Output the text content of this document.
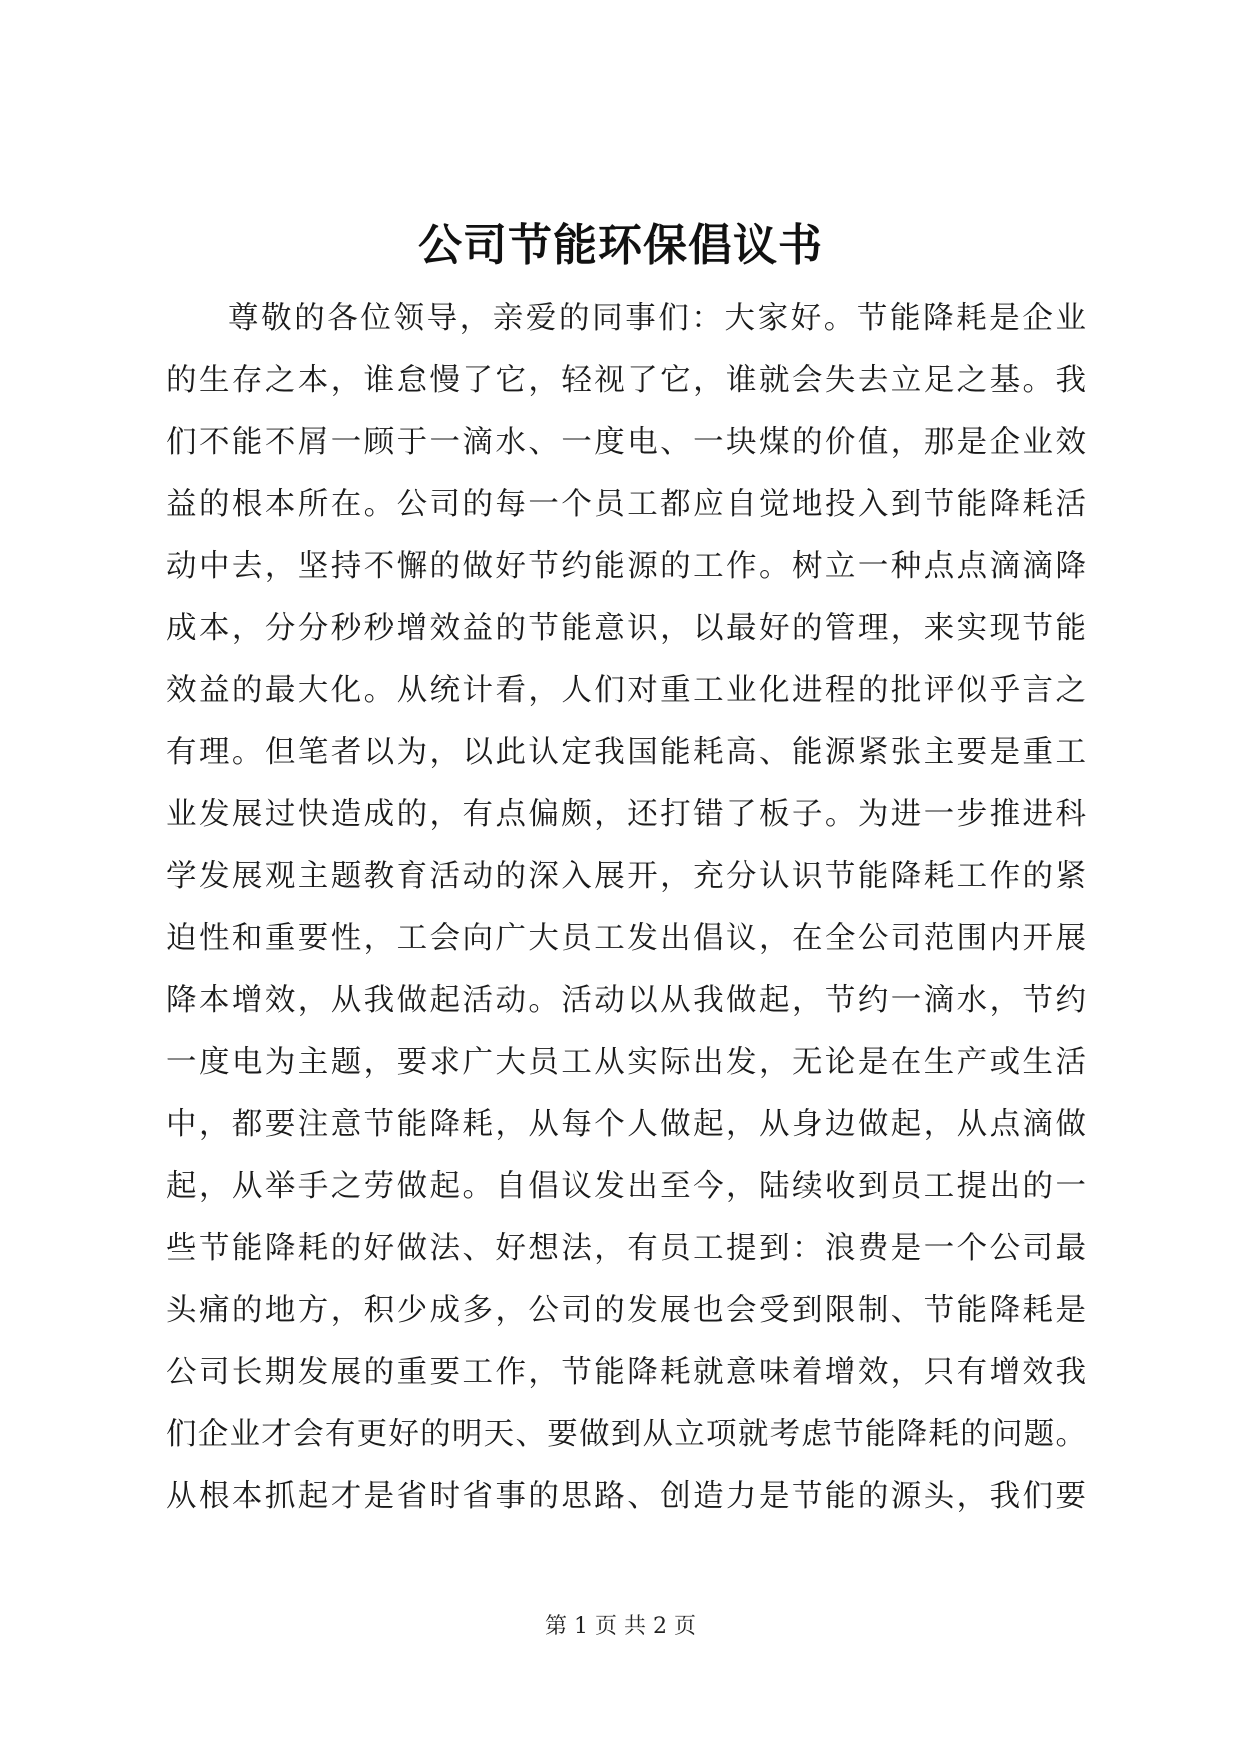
公司节能环保倡议书
尊敬的各位领导，亲爱的同事们：大家好。节能降耗是企业
的生存之本，谁怠慢了它，轻视了它，谁就会失去立足之基。我
们不能不屑一顾于一滴水、一度电、一块煤的价值，那是企业效
益的根本所在。公司的每一个员工都应自觉地投入到节能降耗活
动中去，坚持不懈的做好节约能源的工作。树立一种点点滴滴降
成本，分分秒秒增效益的节能意识，以最好的管理，来实现节能
效益的最大化。从统计看，人们对重工业化进程的批评似乎言之
有理。但笔者以为，以此认定我国能耗高、能源紧张主要是重工
业发展过快造成的，有点偏颇，还打错了板子。为进一步推进科
学发展观主题教育活动的深入展开，充分认识节能降耗工作的紧
迫性和重要性，工会向广大员工发出倡议，在全公司范围内开展
降本增效，从我做起活动。活动以从我做起，节约一滴水，节约
一度电为主题，要求广大员工从实际出发，无论是在生产或生活
中，都要注意节能降耗，从每个人做起，从身边做起，从点滴做
起，从举手之劳做起。自倡议发出至今，陆续收到员工提出的一
些节能降耗的好做法、好想法，有员工提到：浪费是一个公司最
头痛的地方，积少成多，公司的发展也会受到限制、节能降耗是
公司长期发展的重要工作，节能降耗就意味着增效，只有增效我
们企业才会有更好的明天、要做到从立项就考虑节能降耗的问题。
从根本抓起才是省时省事的思路、创造力是节能的源头，我们要
第 1 页 共 2 页
